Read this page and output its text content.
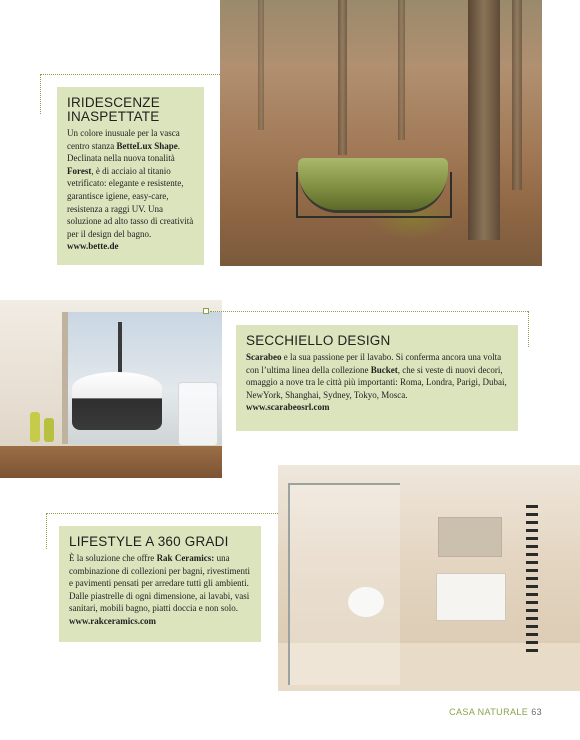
IRIDESCENZE
INASPETTATE

Un colore inusuale per la vasca centro stanza BetteLux Shape. Declinata nella nuova tonalità Forest, è di acciaio al titanio vetrificato: elegante e resistente, garantisce igiene, easy-care, resistenza a raggi UV. Una soluzione ad alto tasso di creatività per il design del bagno.
www.bette.de

SECCHIELLO DESIGN

Scarabeo e la sua passione per il lavabo. Si conferma ancora una volta con l’ultima linea della collezione Bucket, che si veste di nuovi decori, omaggio a nove tra le città più importanti: Roma, Londra, Parigi, Dubai, NewYork, Shanghai, Sydney, Tokyo, Mosca.
www.scarabeosrl.com

LIFESTYLE A 360 GRADI

È la soluzione che offre Rak Ceramics: una combinazione di collezioni per bagni, rivestimenti e pavimenti pensati per arredare tutti gli ambienti. Dalle piastrelle di ogni dimensione, ai lavabi, vasi sanitari, mobili bagno, piatti doccia e non solo.
www.rakceramics.com

CASA NATURALE 63
